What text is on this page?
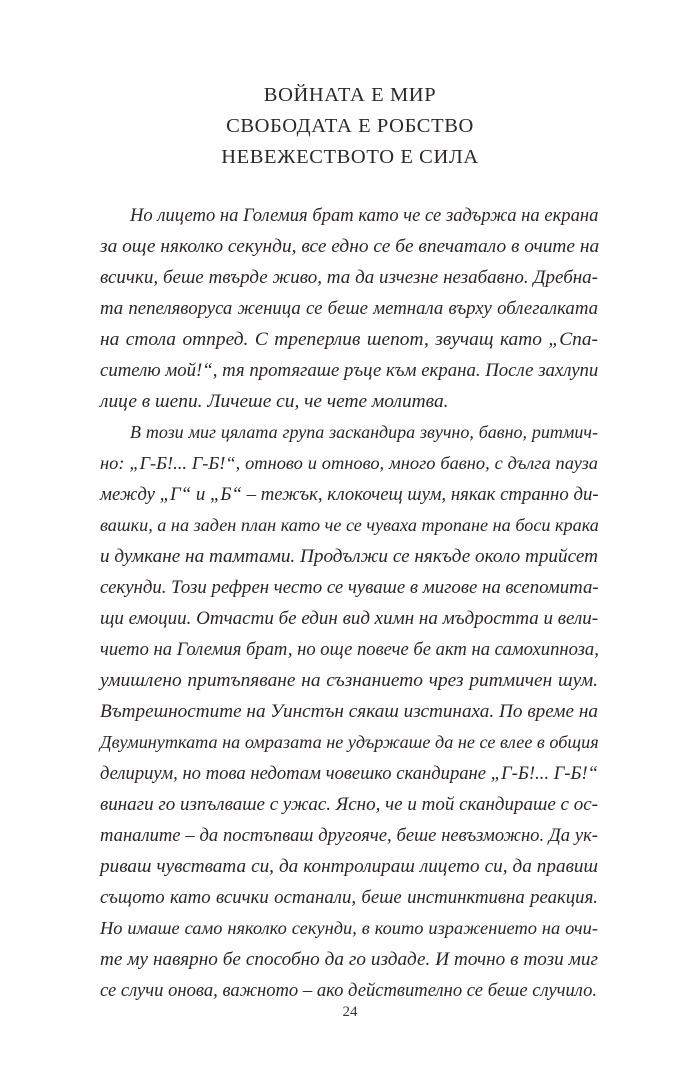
ВОЙНАТА Е МИР
СВОБОДАТА Е РОБСТВО
НЕВЕЖЕСТВОТО Е СИЛА
Но лицето на Големия брат като че се задържа на екрана
за още няколко секунди, все едно се бе впечатало в очите на
всички, беше твърде живо, та да изчезне незабавно. Дребна-
та пепеляворуса женица се беше метнала върху облегалката
на стола отпред. С треперлив шепот, звучащ като „Спа-
сителю мой!“, тя протягаше ръце към екрана. После захлупи
лице в шепи. Личеше си, че чете молитва.
В този миг цялата група заскандира звучно, бавно, ритмич-
но: „Г-Б!... Г-Б!“, отново и отново, много бавно, с дълга пауза
между „Г“ и „Б“ – тежък, клокочещ шум, някак странно ди-
вашки, а на заден план като че се чуваха тропане на боси крака
и думкане на тамтами. Продължи се някъде около трийсет
секунди. Този рефрен често се чуваше в мигове на всепомита-
щи емоции. Отчасти бе един вид химн на мъдростта и вели-
чието на Големия брат, но още повече бе акт на самохипноза,
умишлено притъпяване на съзнанието чрез ритмичен шум.
Вътрешностите на Уинстън сякаш изстинаха. По време на
Двуминутката на омразата не удържаше да не се влее в общия
делириум, но това недотам човешко скандиране „Г-Б!... Г-Б!“
винаги го изпълваше с ужас. Ясно, че и той скандираше с ос-
таналите – да постъпваш другояче, беше невъзможно. Да ук-
риваш чувствата си, да контролираш лицето си, да правиш
същото като всички останали, беше инстинктивна реакция.
Но имаше само няколко секунди, в които изражението на очи-
те му навярно бе способно да го издаде. И точно в този миг
се случи онова, важното – ако действително се беше случило.
24
